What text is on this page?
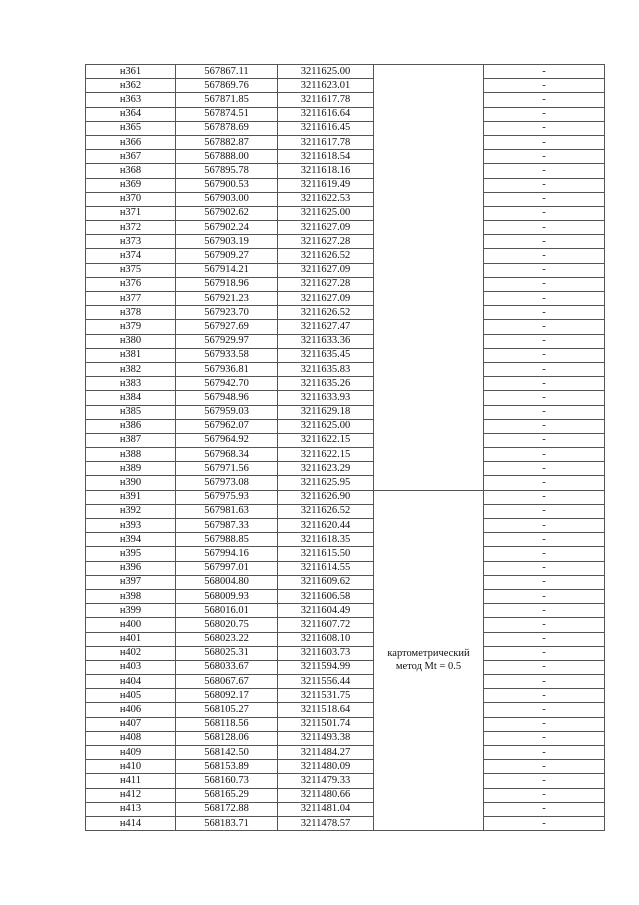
н361	567867.11	3211625.00		-
н362	567869.76	3211623.01		-
н363	567871.85	3211617.78		-
н364	567874.51	3211616.64		-
н365	567878.69	3211616.45		-
н366	567882.87	3211617.78		-
н367	567888.00	3211618.54		-
н368	567895.78	3211618.16		-
н369	567900.53	3211619.49		-
н370	567903.00	3211622.53		-
н371	567902.62	3211625.00		-
н372	567902.24	3211627.09		-
н373	567903.19	3211627.28		-
н374	567909.27	3211626.52		-
н375	567914.21	3211627.09		-
н376	567918.96	3211627.28		-
н377	567921.23	3211627.09		-
н378	567923.70	3211626.52		-
н379	567927.69	3211627.47		-
н380	567929.97	3211633.36		-
н381	567933.58	3211635.45		-
н382	567936.81	3211635.83		-
н383	567942.70	3211635.26		-
н384	567948.96	3211633.93		-
н385	567959.03	3211629.18		-
н386	567962.07	3211625.00		-
н387	567964.92	3211622.15		-
н388	567968.34	3211622.15		-
н389	567971.56	3211623.29		-
н390	567973.08	3211625.95		-
н391	567975.93	3211626.90	картометрический
метод Mt = 0.5	-
н392	567981.63	3211626.52		-
н393	567987.33	3211620.44		-
н394	567988.85	3211618.35		-
н395	567994.16	3211615.50		-
н396	567997.01	3211614.55		-
н397	568004.80	3211609.62		-
н398	568009.93	3211606.58		-
н399	568016.01	3211604.49		-
н400	568020.75	3211607.72		-
н401	568023.22	3211608.10		-
н402	568025.31	3211603.73		-
н403	568033.67	3211594.99		-
н404	568067.67	3211556.44		-
н405	568092.17	3211531.75		-
н406	568105.27	3211518.64		-
н407	568118.56	3211501.74		-
н408	568128.06	3211493.38		-
н409	568142.50	3211484.27		-
н410	568153.89	3211480.09		-
н411	568160.73	3211479.33		-
н412	568165.29	3211480.66		-
н413	568172.88	3211481.04		-
н414	568183.71	3211478.57		-
